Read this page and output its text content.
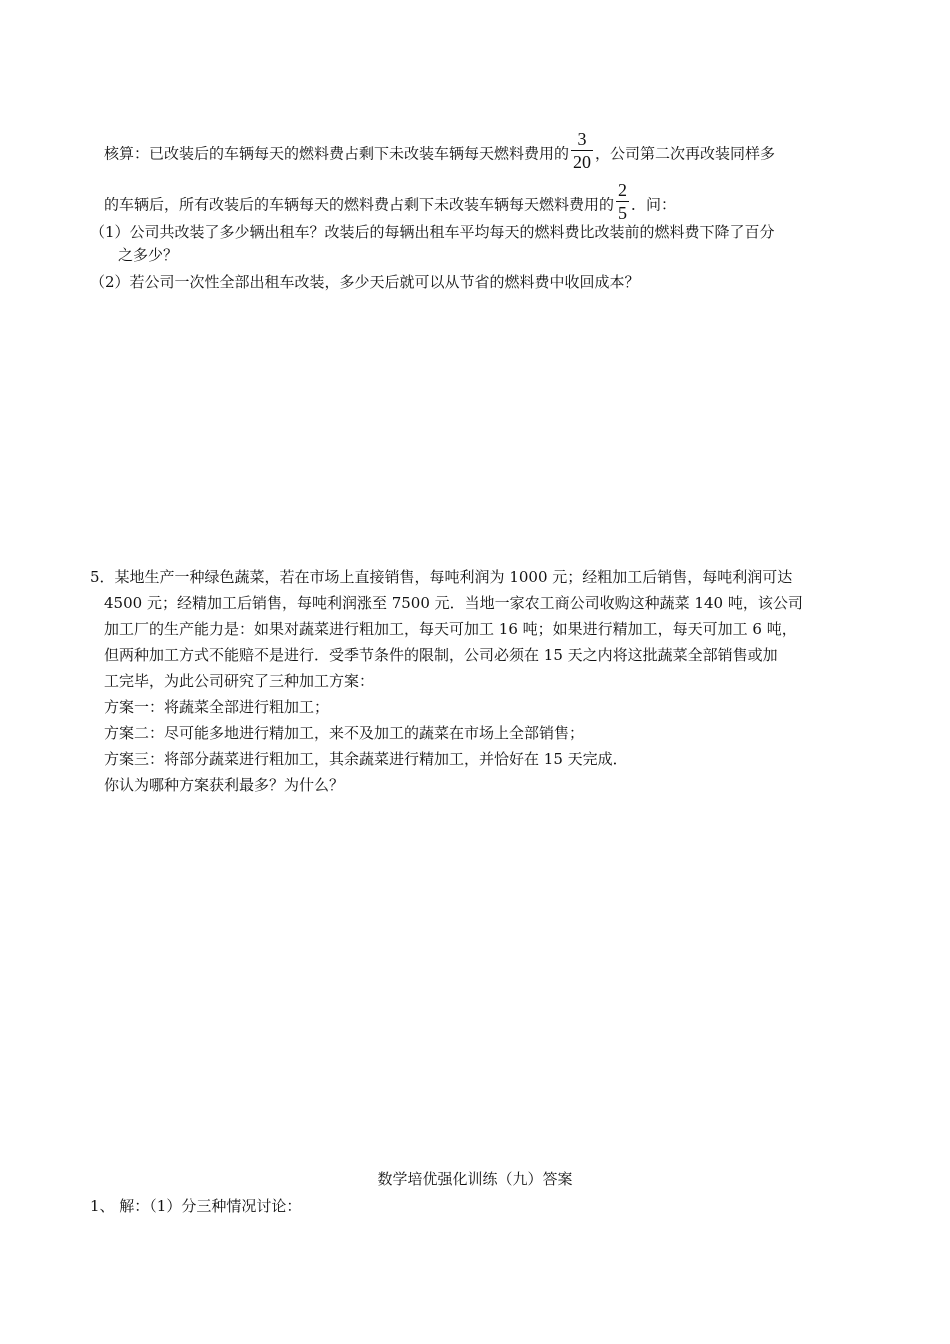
核算：已改装后的车辆每天的燃料费占剩下未改装车辆每天燃料费用的 $\frac{3}{20}$ ，公司第二次再改装同样多
的车辆后，所有改装后的车辆每天的燃料费占剩下未改装车辆每天燃料费用的 $\frac{2}{5}$ ．问：
（1）公司共改装了多少辆出租车？改装后的每辆出租车平均每天的燃料费比改装前的燃料费下降了百分
之多少？
（2）若公司一次性全部出租车改装，多少天后就可以从节省的燃料费中收回成本？
5．某地生产一种绿色蔬菜，若在市场上直接销售，每吨利润为 1000 元；经粗加工后销售，每吨利润可达
4500 元；经精加工后销售，每吨利润涨至 7500 元．当地一家农工商公司收购这种蔬菜 140 吨，该公司
加工厂的生产能力是：如果对蔬菜进行粗加工，每天可加工 16 吨；如果进行精加工，每天可加工 6 吨，
但两种加工方式不能赔不是进行．受季节条件的限制，公司必须在 15 天之内将这批蔬菜全部销售或加
工完毕，为此公司研究了三种加工方案：
方案一：将蔬菜全部进行粗加工；
方案二：尽可能多地进行精加工，来不及加工的蔬菜在市场上全部销售；
方案三：将部分蔬菜进行粗加工，其余蔬菜进行精加工，并恰好在 15 天完成．
你认为哪种方案获利最多？为什么？
数学培优强化训练（九）答案
1、 解：（1）分三种情况讨论：
